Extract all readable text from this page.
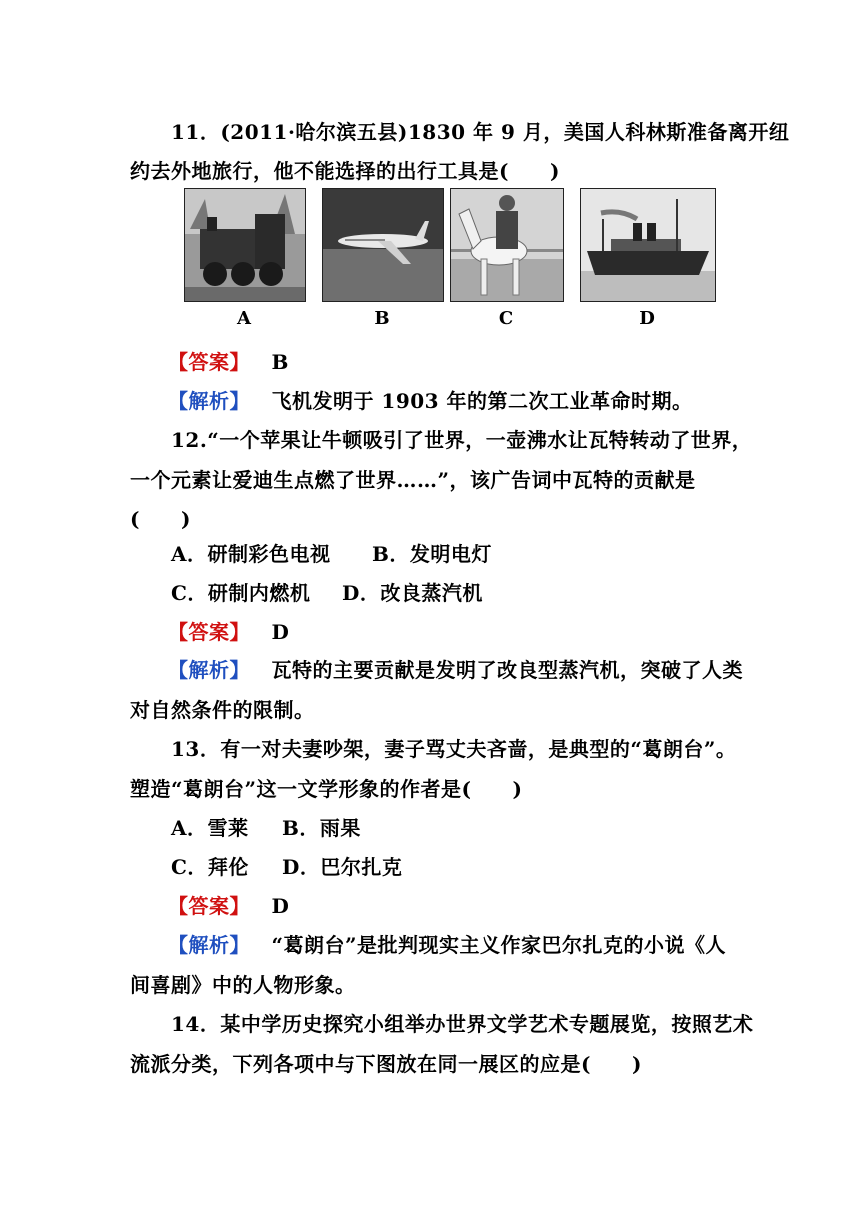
11．(2011·哈尔滨五县)1830 年 9 月，美国人科林斯准备离开纽
约去外地旅行，他不能选择的出行工具是(　　)
A	B	C	D
【答案】 B
【解析】 飞机发明于 1903 年的第二次工业革命时期。
12.“一个苹果让牛顿吸引了世界，一壶沸水让瓦特转动了世界，
一个元素让爱迪生点燃了世界……”，该广告词中瓦特的贡献是
(　　)
A．研制彩色电视 B．发明电灯
C．研制内燃机 D．改良蒸汽机
【答案】 D
【解析】 瓦特的主要贡献是发明了改良型蒸汽机，突破了人类
对自然条件的限制。
13．有一对夫妻吵架，妻子骂丈夫吝啬，是典型的“葛朗台”。
塑造“葛朗台”这一文学形象的作者是(　　)
A．雪莱 B．雨果
C．拜伦 D．巴尔扎克
【答案】 D
【解析】 “葛朗台”是批判现实主义作家巴尔扎克的小说《人
间喜剧》中的人物形象。
14．某中学历史探究小组举办世界文学艺术专题展览，按照艺术
流派分类，下列各项中与下图放在同一展区的应是(　　)
